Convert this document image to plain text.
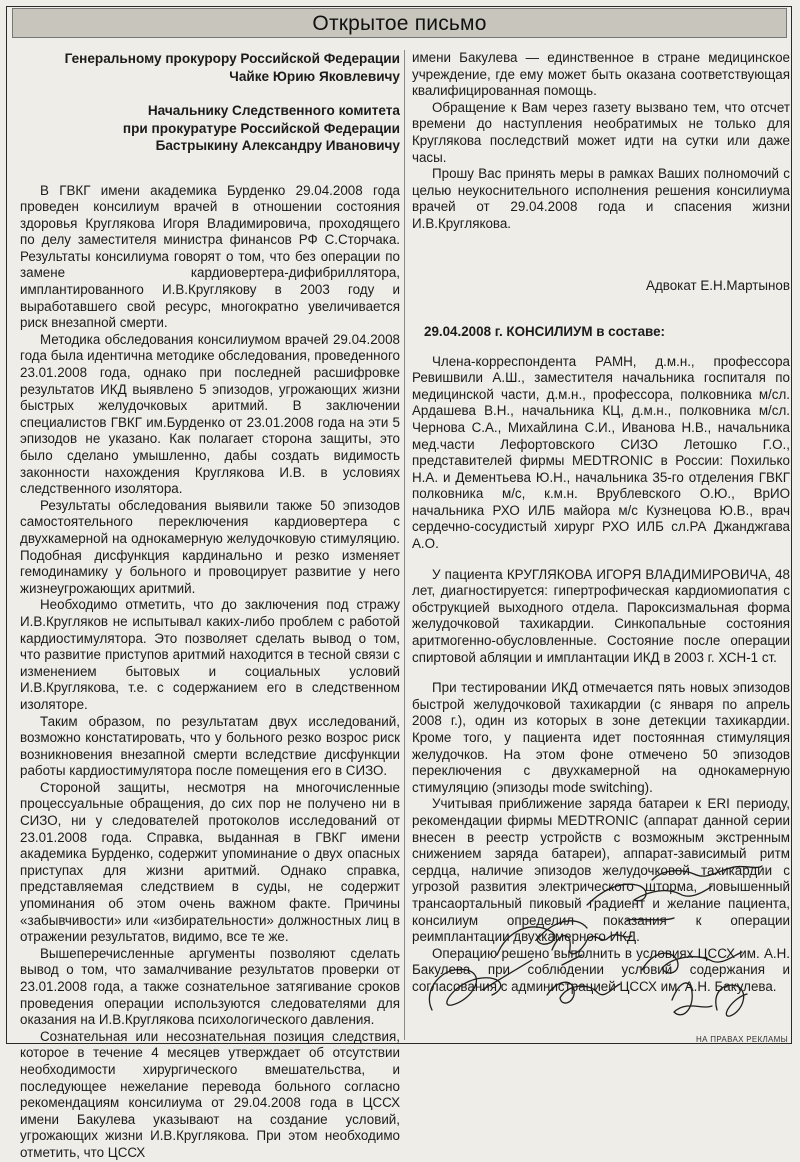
Открытое письмо
Генеральному прокурору Российской Федерации
Чайке Юрию Яковлевичу
Начальнику Следственного комитета
при прокуратуре Российской Федерации
Бастрыкину Александру Ивановичу

В ГВКГ имени академика Бурденко 29.04.2008 года проведен консилиум врачей в отношении состояния здоровья Круглякова Игоря Владимировича, проходящего по делу заместителя министра финансов РФ С.Сторчака. Результаты консилиума говорят о том, что без операции по замене кардиовертера-дифибриллятора, имплантированного И.В.Круглякову в 2003 году и выработавшего свой ресурс, многократно увеличивается риск внезапной смерти.

Методика обследования консилиумом врачей 29.04.2008 года была идентична методике обследования, проведенного 23.01.2008 года, однако при последней расшифровке результатов ИКД выявлено 5 эпизодов, угрожающих жизни быстрых желудочковых аритмий. В заключении специалистов ГВКГ им.Бурденко от 23.01.2008 года на эти 5 эпизодов не указано. Как полагает сторона защиты, это было сделано умышленно, дабы создать видимость законности нахождения Круглякова И.В. в условиях следственного изолятора.

Результаты обследования выявили также 50 эпизодов самостоятельного переключения кардиовертера с двухкамерной на однокамерную желудочковую стимуляцию. Подобная дисфункция кардинально и резко изменяет гемодинамику у больного и провоцирует развитие у него жизнеугрожающих аритмий.

Необходимо отметить, что до заключения под стражу И.В.Кругляков не испытывал каких-либо проблем с работой кардиостимулятора. Это позволяет сделать вывод о том, что развитие приступов аритмий находится в тесной связи с изменением бытовых и социальных условий И.В.Круглякова, т.е. с содержанием его в следственном изоляторе.

Таким образом, по результатам двух исследований, возможно констатировать, что у больного резко возрос риск возникновения внезапной смерти вследствие дисфункции работы кардиостимулятора после помещения его в СИЗО.

Стороной защиты, несмотря на многочисленные процессуальные обращения, до сих пор не получено ни в СИЗО, ни у следователей протоколов исследований от 23.01.2008 года. Справка, выданная в ГВКГ имени академика Бурденко, содержит упоминание о двух опасных приступах для жизни аритмий. Однако справка, представляемая следствием в суды, не содержит упоминания об этом очень важном факте. Причины «забывчивости» или «избирательности» должностных лиц в отражении результатов, видимо, все те же.

Вышеперечисленные аргументы позволяют сделать вывод о том, что замалчивание результатов проверки от 23.01.2008 года, а также сознательное затягивание сроков проведения операции используются следователями для оказания на И.В.Круглякова психологического давления.

Сознательная или несознательная позиция следствия, которое в течение 4 месяцев утверждает об отсутствии необходимости хирургического вмешательства, и последующее нежелание перевода больного согласно рекомендациям консилиума от 29.04.2008 года в ЦССХ имени Бакулева указывают на создание условий, угрожающих жизни И.В.Круглякова. При этом необходимо отметить, что ЦССХ

имени Бакулева — единственное в стране медицинское учреждение, где ему может быть оказана соответствующая квалифицированная помощь.

Обращение к Вам через газету вызвано тем, что отсчет времени до наступления необратимых не только для Круглякова последствий может идти на сутки или даже часы.

Прошу Вас принять меры в рамках Ваших полномочий с целью неукоснительного исполнения решения консилиума врачей от 29.04.2008 года и спасения жизни И.В.Круглякова.

Адвокат Е.Н.Мартынов
29.04.2008 г. КОНСИЛИУМ в составе:

Члена-корреспондента РАМН, д.м.н., профессора Ревишвили А.Ш., заместителя начальника госпиталя по медицинской части, д.м.н., профессора, полковника м/сл. Ардашева В.Н., начальника КЦ, д.м.н., полковника м/сл. Чернова С.А., Михайлина С.И., Иванова Н.В., начальника мед.части Лефортовского СИЗО Летошко Г.О., представителей фирмы MEDTRONIC в России: Похилько Н.А. и Дементьева Ю.Н., начальника 35-го отделения ГВКГ полковника м/с, к.м.н. Врублевского О.Ю., ВрИО начальника РХО ИЛБ майора м/с Кузнецова Ю.В., врач сердечно-сосудистый хирург РХО ИЛБ сл.РА Джанджгава А.О.

У пациента КРУГЛЯКОВА ИГОРЯ ВЛАДИМИРОВИЧА, 48 лет, диагностируется: гипертрофическая кардиомиопатия с обструкцией выходного отдела. Пароксизмальная форма желудочковой тахикардии. Синкопальные состояния аритмогенно-обусловленные. Состояние после операции спиртовой абляции и имплантации ИКД в 2003 г. ХСН-1 ст.

При тестировании ИКД отмечается пять новых эпизодов быстрой желудочковой тахикардии (с января по апрель 2008 г.), один из которых в зоне детекции тахикардии. Кроме того, у пациента идет постоянная стимуляция желудочков. На этом фоне отмечено 50 эпизодов переключения с двухкамерной на однокамерную стимуляцию (эпизоды mode switching).

Учитывая приближение заряда батареи к ERI периоду, рекомендации фирмы MEDTRONIC (аппарат данной серии внесен в реестр устройств с возможным экстренным снижением заряда батареи), аппарат-зависимый ритм сердца, наличие эпизодов желудочковой тахикардии с угрозой развития электрического шторма, повышенный трансаортальный пиковый градиент и желание пациента, консилиум определил показания к операции реимплантации двухкамерного ИКД.

Операцию решено выполнить в условиях ЦССХ им. А.Н. Бакулева при соблюдении условий содержания и согласования с администрацией ЦССХ им. А.Н. Бакулева.

НА ПРАВАХ РЕКЛАМЫ
